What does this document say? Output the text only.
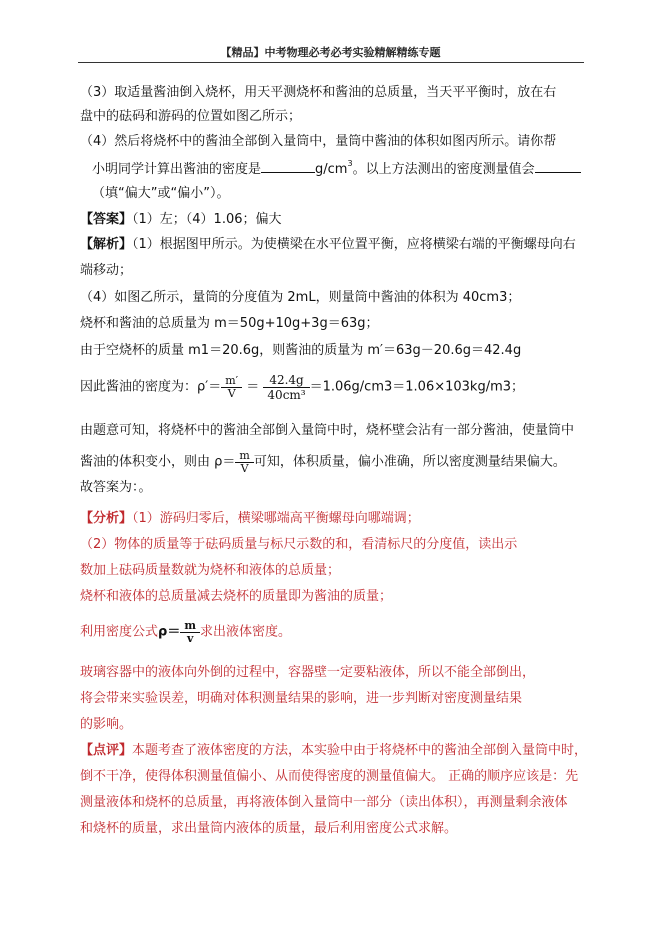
【精品】中考物理必考必考实验精解精练专题
（3）取适量酱油倒入烧杯，用天平测烧杯和酱油的总质量，当天平平衡时，放在右
盘中的砝码和游码的位置如图乙所示；
（4）然后将烧杯中的酱油全部倒入量筒中，量筒中酱油的体积如图丙所示。请你帮
小明同学计算出酱油的密度是	$g/cm^3$。以上方法测出的密度测量值会
（填“偏大”或“偏小”）。
【答案】（1）左；（4）1.06；偏大
【解析】（1）根据图甲所示。为使横梁在水平位置平衡，应将横梁右端的平衡螺母向右
端移动；
（4）如图乙所示，量筒的分度值为 2mL，则量筒中酱油的体积为 40cm3；
烧杯和酱油的总质量为 m＝50g+10g+3g＝63g；
由于空烧杯的质量 m1＝20.6g，则酱油的质量为 m′＝63g－20.6g＝42.4g
因此酱油的密度为：$\rho'= \frac{m'}{V} = \frac{42.4g}{\text{40cm³}} =1.06g/cm3=1.06\times 103kg/m3$；
由题意可知，将烧杯中的酱油全部倒入量筒中时，烧杯壁会沾有一部分酱油，使量筒中
酱油的体积变小，则由 $\rho= \frac{m}{V}$ 可知，体积质量，偏小准确，所以密度测量结果偏大。
故答案为：。
【分析】（1）游码归零后，横梁哪端高平衡螺母向哪端调；
（2）物体的质量等于砝码质量与标尺示数的和，看清标尺的分度值，读出示
数加上砝码质量数就为烧杯和液体的总质量；
烧杯和液体的总质量减去烧杯的质量即为酱油的质量；
利用密度公式$\rho= \frac{m}{v}$ 求出液体密度。
玻璃容器中的液体向外倒的过程中，容器壁一定要粘液体，所以不能全部倒出，
将会带来实验误差，明确对体积测量结果的影响，进一步判断对密度测量结果
的影响。
【点评】本题考查了液体密度的方法，本实验中由于将烧杯中的酱油全部倒入量筒中时，
倒不干净，使得体积测量值偏小、从而使得密度的测量值偏大。 正确的顺序应该是：先
测量液体和烧杯的总质量，再将液体倒入量筒中一部分（读出体积），再测量剩余液体
和烧杯的质量，求出量筒内液体的质量，最后利用密度公式求解。
